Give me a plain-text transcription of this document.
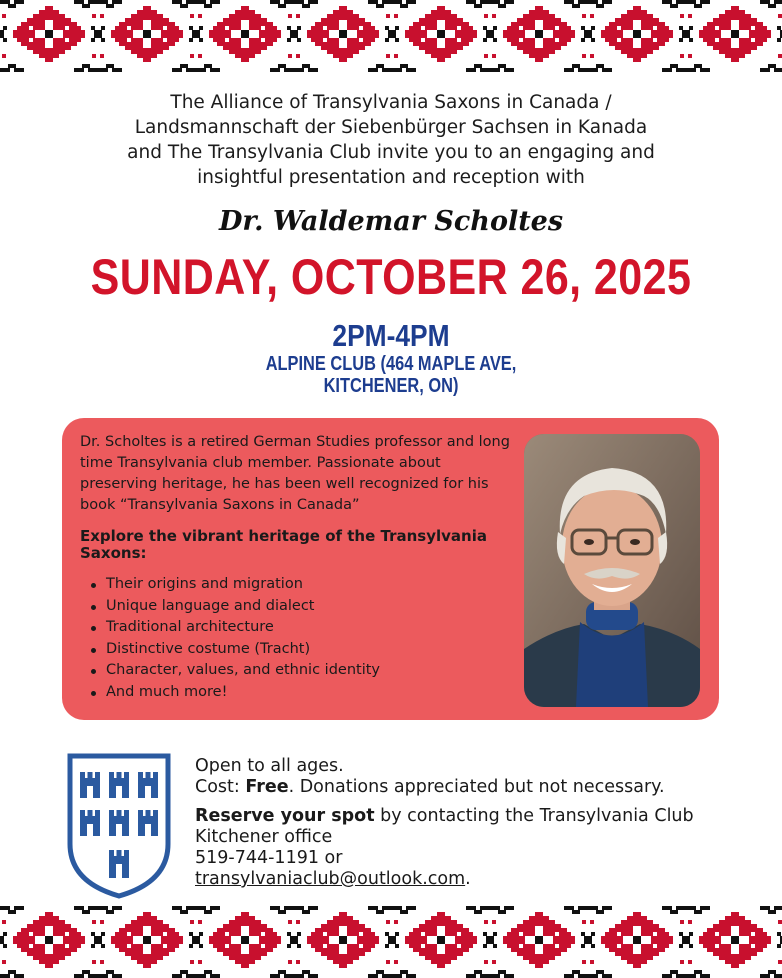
The Alliance of Transylvania Saxons in Canada /
Landsmannschaft der Siebenbürger Sachsen in Kanada
and The Transylvania Club invite you to an engaging and
insightful presentation and reception with
Dr. Waldemar Scholtes
SUNDAY, OCTOBER 26, 2025
2PM-4PM
ALPINE CLUB (464 MAPLE AVE,
KITCHENER, ON)

Dr. Scholtes is a retired German Studies professor and long time Transylvania club member. Passionate about preserving heritage, he has been well recognized for his book “Transylvania Saxons in Canada”

Explore the vibrant heritage of the Transylvania Saxons:

Their origins and migration
Unique language and dialect
Traditional architecture
Distinctive costume (Tracht)
Character, values, and ethnic identity
And much more!

Open to all ages.

Cost: Free. Donations appreciated but not necessary.

Reserve your spot by contacting the Transylvania Club Kitchener office

519-744-1191 or

transylvaniaclub@outlook.com.
